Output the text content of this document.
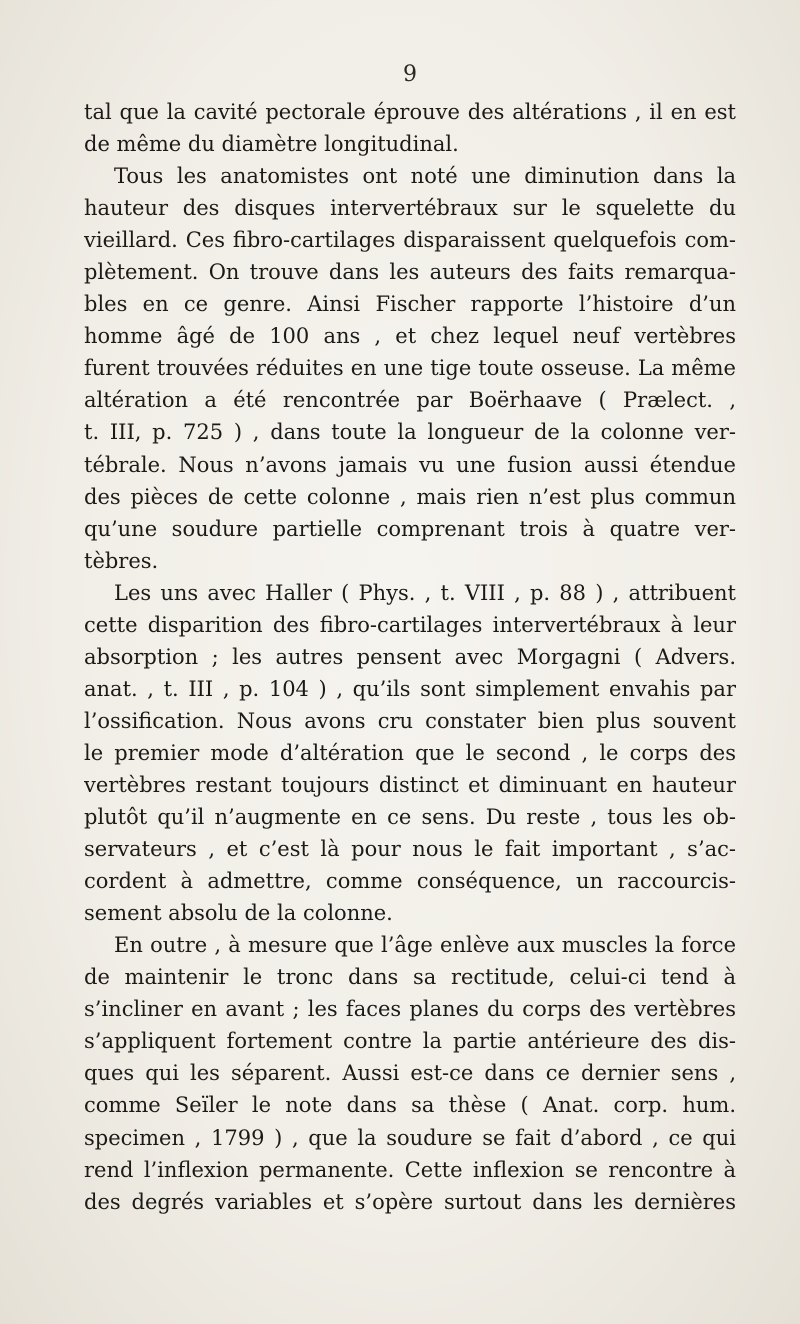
9
tal que la cavité pectorale éprouve des altérations , il en est
de même du diamètre longitudinal.
Tous les anatomistes ont noté une diminution dans la
hauteur des disques intervertébraux sur le squelette du
vieillard. Ces fibro-cartilages disparaissent quelquefois com-
plètement. On trouve dans les auteurs des faits remarqua-
bles en ce genre. Ainsi Fischer rapporte l’histoire d’un
homme âgé de 100 ans , et chez lequel neuf vertèbres
furent trouvées réduites en une tige toute osseuse. La même
altération a été rencontrée par Boërhaave ( Prælect. ,
t. III, p. 725 ) , dans toute la longueur de la colonne ver-
tébrale. Nous n’avons jamais vu une fusion aussi étendue
des pièces de cette colonne , mais rien n’est plus commun
qu’une soudure partielle comprenant trois à quatre ver-
tèbres.
Les uns avec Haller ( Phys. , t. VIII , p. 88 ) , attribuent
cette disparition des fibro-cartilages intervertébraux à leur
absorption ; les autres pensent avec Morgagni ( Advers.
anat. , t. III , p. 104 ) , qu’ils sont simplement envahis par
l’ossification. Nous avons cru constater bien plus souvent
le premier mode d’altération que le second , le corps des
vertèbres restant toujours distinct et diminuant en hauteur
plutôt qu’il n’augmente en ce sens. Du reste , tous les ob-
servateurs , et c’est là pour nous le fait important , s’ac-
cordent à admettre, comme conséquence, un raccourcis-
sement absolu de la colonne.
En outre , à mesure que l’âge enlève aux muscles la force
de maintenir le tronc dans sa rectitude, celui-ci tend à
s’incliner en avant ; les faces planes du corps des vertèbres
s’appliquent fortement contre la partie antérieure des dis-
ques qui les séparent. Aussi est-ce dans ce dernier sens ,
comme Seïler le note dans sa thèse ( Anat. corp. hum.
specimen , 1799 ) , que la soudure se fait d’abord , ce qui
rend l’inflexion permanente. Cette inflexion se rencontre à
des degrés variables et s’opère surtout dans les dernières
